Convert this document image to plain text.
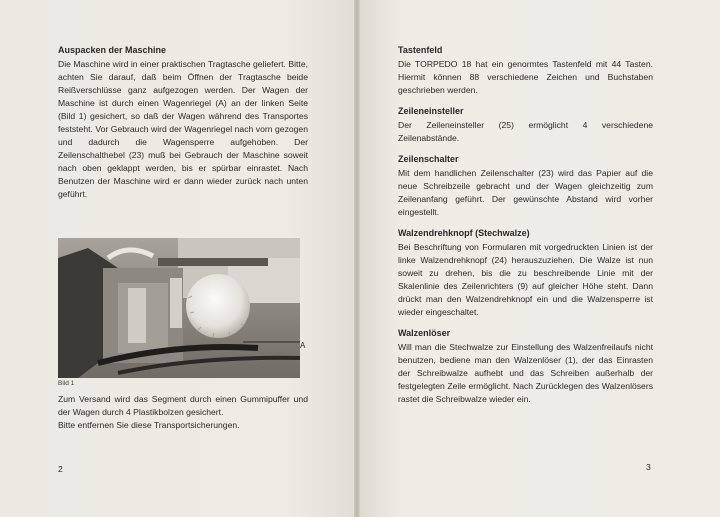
Auspacken der Maschine

Die Maschine wird in einer praktischen Tragtasche geliefert. Bitte, achten Sie darauf, daß beim Öffnen der Tragtasche beide Reißverschlüsse ganz aufgezogen werden. Der Wagen der Maschine ist durch einen Wagenriegel (A) an der linken Seite (Bild 1) gesichert, so daß der Wagen während des Transportes feststeht. Vor Gebrauch wird der Wagenriegel nach vorn gezogen und dadurch die Wagensperre aufgehoben. Der Zeilenschalthebel (23) muß bei Gebrauch der Maschine soweit nach oben geklappt werden, bis er spürbar einrastet. Nach Benutzen der Maschine wird er dann wieder zurück nach unten geführt.

A
Bild 1

Zum Versand wird das Segment durch einen Gummipuffer und der Wagen durch 4 Plastikbolzen gesichert.

Bitte entfernen Sie diese Transportsicherungen.

2
Tastenfeld

Die TORPEDO 18 hat ein genormtes Tastenfeld mit 44 Tasten. Hiermit können 88 verschiedene Zeichen und Buchstaben geschrieben werden.

Zeileneinsteller

Der Zeileneinsteller (25) ermöglicht 4 verschiedene Zeilenabstände.

Zeilenschalter

Mit dem handlichen Zeilenschalter (23) wird das Papier auf die neue Schreibzeile gebracht und der Wagen gleichzeitig zum Zeilenanfang geführt. Der gewünschte Abstand wird vorher eingestellt.

Walzendrehknopf (Stechwalze)

Bei Beschriftung von Formularen mit vorgedruckten Linien ist der linke Walzendrehknopf (24) herauszuziehen. Die Walze ist nun soweit zu drehen, bis die zu beschreibende Linie mit der Skalenlinie des Zeilenrichters (9) auf gleicher Höhe steht. Dann drückt man den Walzendrehknopf ein und die Walzensperre ist wieder eingeschaltet.

Walzenlöser

Will man die Stechwalze zur Einstellung des Walzenfreilaufs nicht benutzen, bediene man den Walzenlöser (1), der das Einrasten der Schreibwalze aufhebt und das Schreiben außerhalb der festgelegten Zeile ermöglicht. Nach Zurücklegen des Walzenlösers rastet die Schreibwalze wieder ein.

3
